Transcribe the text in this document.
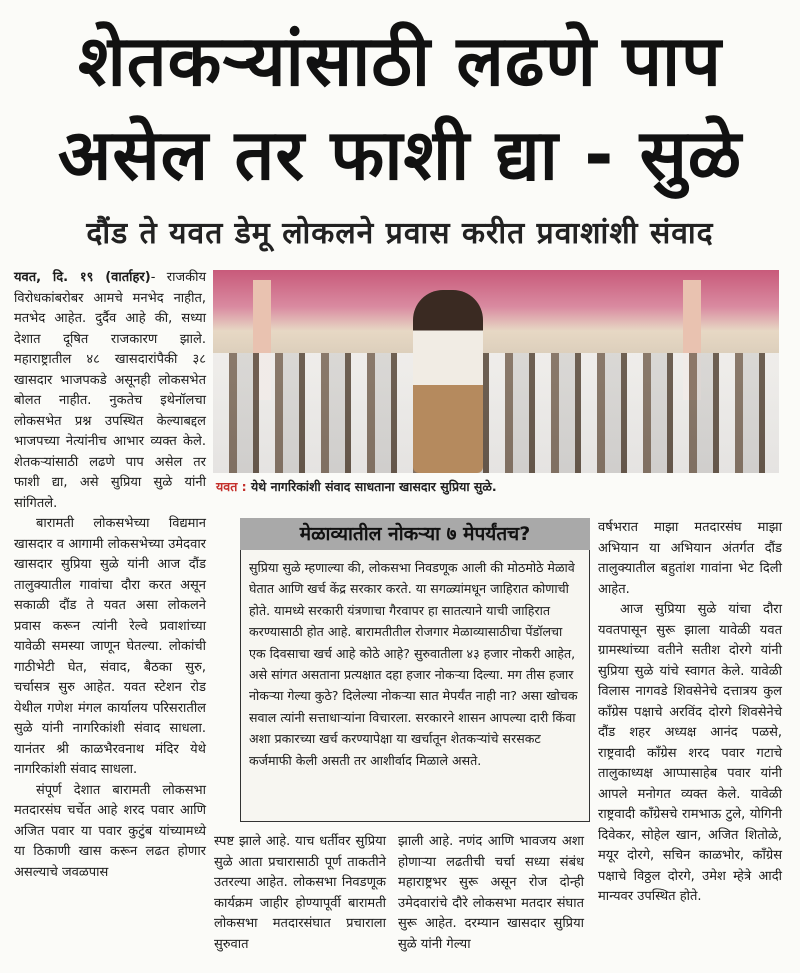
शेतकऱ्यांसाठी लढणे पाप
असेल तर फाशी द्या - सुळे
दौंड ते यवत डेमू लोकलने प्रवास करीत प्रवाशांशी संवाद

यवत, दि. १९ (वार्ताहर)- राजकीय विरोधकांबरोबर आमचे मनभेद नाहीत, मतभेद आहेत. दुर्दैव आहे की, सध्या देशात दूषित राजकारण झाले. महाराष्ट्रातील ४८ खासदारांपैकी ३८ खासदार भाजपकडे असूनही लोकसभेत बोलत नाहीत. नुकतेच इथेनॉलचा लोकसभेत प्रश्न उपस्थित केल्याबद्दल भाजपच्या नेत्यांनीच आभार व्यक्त केले. शेतकऱ्यांसाठी लढणे पाप असेल तर फाशी द्या, असे सुप्रिया सुळे यांनी सांगितले.

बारामती लोकसभेच्या विद्यमान खासदार व आगामी लोकसभेच्या उमेदवार खासदार सुप्रिया सुळे यांनी आज दौंड तालुक्यातील गावांचा दौरा करत असून सकाळी दौंड ते यवत असा लोकलने प्रवास करून त्यांनी रेल्वे प्रवाशांच्या यावेळी समस्या जाणून घेतल्या. लोकांची गाठीभेटी घेत, संवाद, बैठका सुरु, चर्चासत्र सुरु आहेत. यवत स्टेशन रोड येथील गणेश मंगल कार्यालय परिसरातील सुळे यांनी नागरिकांशी संवाद साधला. यानंतर श्री काळभैरवनाथ मंदिर येथे नागरिकांशी संवाद साधला.

संपूर्ण देशात बारामती लोकसभा मतदारसंघ चर्चेत आहे शरद पवार आणि अजित पवार या पवार कुटुंब यांच्यामध्ये या ठिकाणी खास करून लढत होणार असल्याचे जवळपास

यवत : येथे नागरिकांशी संवाद साधताना खासदार सुप्रिया सुळे.
मेळाव्यातील नोकऱ्या ७ मेपर्यंतच?
सुप्रिया सुळे म्हणाल्या की, लोकसभा निवडणूक आली की मोठमोठे मेळावे घेतात आणि खर्च केंद्र सरकार करते. या सगळ्यांमधून जाहिरात कोणाची होते. यामध्ये सरकारी यंत्रणाचा गैरवापर हा सातत्याने याची जाहिरात करण्यासाठी होत आहे. बारामतीतील रोजगार मेळाव्यासाठीचा पेंडॉलचा एक दिवसाचा खर्च आहे कोठे आहे? सुरुवातीला ४३ हजार नोकरी आहेत, असे सांगत असताना प्रत्यक्षात दहा हजार नोकर्‍या दिल्या. मग तीस हजार नोकर्‍या गेल्या कुठे? दिलेल्या नोकर्‍या सात मेपर्यंत नाही ना? असा खोचक सवाल त्यांनी सत्ताधार्‍यांना विचारला. सरकारने शासन आपल्या दारी किंवा अशा प्रकारच्या खर्च करण्यापेक्षा या खर्चातून शेतकऱ्यांचे सरसकट कर्जमाफी केली असती तर आशीर्वाद मिळाले असते.

स्पष्ट झाले आहे. याच धर्तीवर सुप्रिया सुळे आता प्रचारासाठी पूर्ण ताकतीने उतरल्या आहेत. लोकसभा निवडणूक कार्यक्रम जाहीर होण्यापूर्वी बारामती लोकसभा मतदारसंघात प्रचाराला सुरुवात

झाली आहे. नणंद आणि भावजय अशा होणार्‍या लढतीची चर्चा सध्या संबंध महाराष्ट्रभर सुरू असून रोज दोन्ही उमेदवारांचे दौरे लोकसभा मतदार संघात सुरू आहेत. दरम्यान खासदार सुप्रिया सुळे यांनी गेल्या

वर्षभरात माझा मतदारसंघ माझा अभियान या अभियान अंतर्गत दौंड तालुक्यातील बहुतांश गावांना भेट दिली आहेत.

आज सुप्रिया सुळे यांचा दौरा यवतपासून सुरू झाला यावेळी यवत ग्रामस्थांच्या वतीने सतीश दोरगे यांनी सुप्रिया सुळे यांचे स्वागत केले. यावेळी विलास नागवडे शिवसेनेचे दत्तात्रय कुल काँग्रेस पक्षाचे अरविंद दोरगे शिवसेनेचे दौंड शहर अध्यक्ष आनंद पळसे, राष्ट्रवादी काँग्रेस शरद पवार गटाचे तालुकाध्यक्ष आप्पासाहेब पवार यांनी आपले मनोगत व्यक्त केले. यावेळी राष्ट्रवादी काँग्रेसचे रामभाऊ टुले, योगिनी दिवेकर, सोहेल खान, अजित शितोळे, मयूर दोरगे, सचिन काळभोर, काँग्रेस पक्षाचे विठ्ठल दोरगे, उमेश म्हेत्रे आदी मान्यवर उपस्थित होते.
